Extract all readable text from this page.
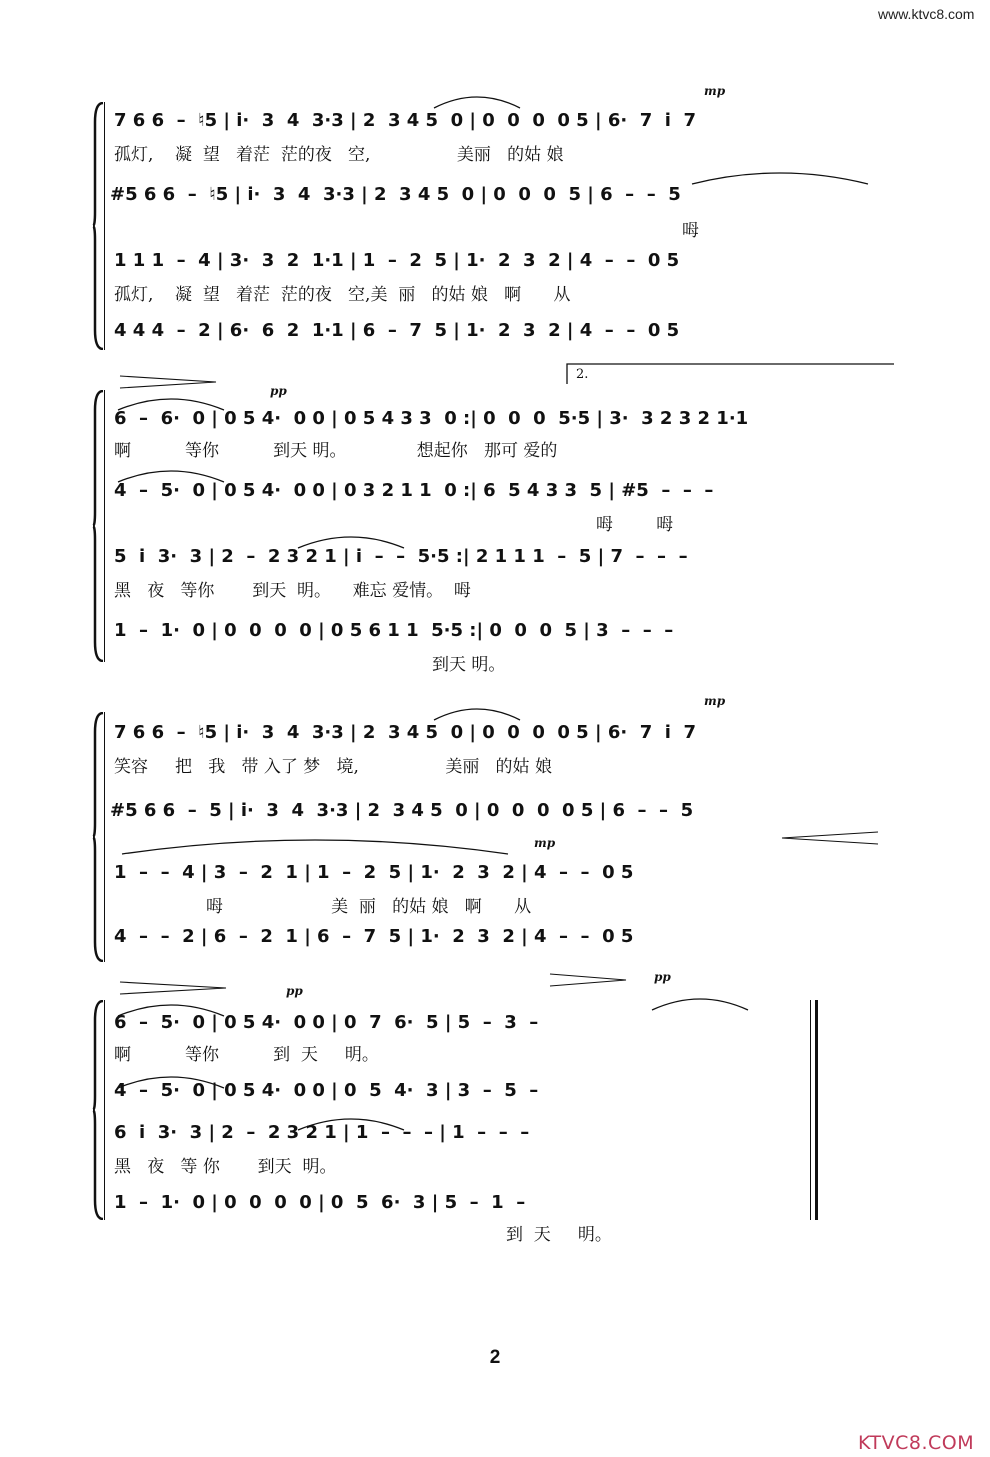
www.ktvc8.com
mp
7 6 6  –  ♮5 | i·  3  4  3·3 | 2  3 4 5  0 | 0  0  0  0 5 | 6·  7  i  7
孤灯,    凝  望   着茫  茫的夜   空,                美丽   的姑 娘
#5 6 6  –  ♮5 | i·  3  4  3·3 | 2  3 4 5  0 | 0  0  0  5 | 6  –  –  5
呣
1 1 1  –  4 | 3·  3  2  1·1 | 1  –  2  5 | 1·  2  3  2 | 4  –  –  0 5
孤灯,    凝  望   着茫  茫的夜   空,美  丽   的姑 娘   啊      从
4 4 4  –  2 | 6·  6  2  1·1 | 6  –  7  5 | 1·  2  3  2 | 4  –  –  0 5
2.
pp
6  –  6·  0 | 0 5 4·  0 0 | 0 5 4 3 3  0 :| 0  0  0  5·5 | 3·  3 2 3 2 1·1
啊          等你          到天 明。             想起你   那可 爱的
4  –  5·  0 | 0 5 4·  0 0 | 0 3 2 1 1  0 :| 6  5 4 3 3  5 | #5  –  –  –
呣        呣
5  i  3·  3 | 2  –  2 3 2 1 | i  –  –  5·5 :| 2 1 1 1  –  5 | 7  –  –  –
黑   夜   等你       到天  明。    难忘 爱情。  呣
1  –  1·  0 | 0  0  0  0 | 0 5 6 1 1  5·5 :| 0  0  0  5 | 3  –  –  –
到天 明。
mp
mp
7 6 6  –  ♮5 | i·  3  4  3·3 | 2  3 4 5  0 | 0  0  0  0 5 | 6·  7  i  7
笑容     把   我   带 入了 梦   境,                美丽   的姑 娘
#5 6 6  –  5 | i·  3  4  3·3 | 2  3 4 5  0 | 0  0  0  0 5 | 6  –  –  5
1  –  –  4 | 3  –  2  1 | 1  –  2  5 | 1·  2  3  2 | 4  –  –  0 5
呣                    美  丽   的姑 娘   啊      从
4  –  –  2 | 6  –  2  1 | 6  –  7  5 | 1·  2  3  2 | 4  –  –  0 5
pp
pp
6  –  5·  0 | 0 5 4·  0 0 | 0  7  6·  5 | 5  –  3  –
啊          等你          到  天     明。
4  –  5·  0 | 0 5 4·  0 0 | 0  5  4·  3 | 3  –  5  –
6  i  3·  3 | 2  –  2 3 2 1 | 1  –  –  – | 1  –  –  –
黑   夜   等 你       到天  明。
1  –  1·  0 | 0  0  0  0 | 0  5  6·  3 | 5  –  1  –
到  天     明。
2
KTVC8.COM
